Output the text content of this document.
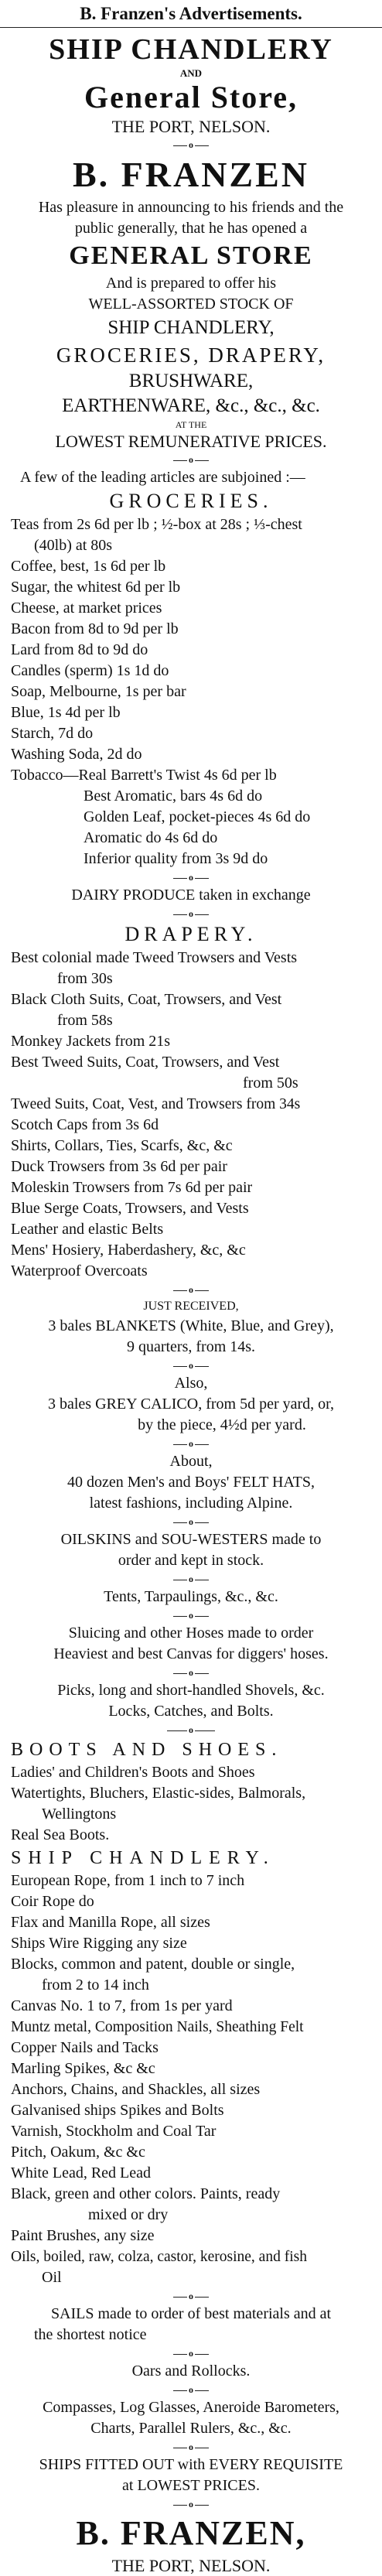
B. Franzen's Advertisements.

SHIP CHANDLERY

AND

General Store,

THE PORT, NELSON.

o

B. FRANZEN

Has pleasure in announcing to his friends and the

public generally, that he has opened a

GENERAL STORE

And is prepared to offer his

WELL-ASSORTED STOCK OF

SHIP CHANDLERY,

GROCERIES, DRAPERY,

BRUSHWARE,

EARTHENWARE, &c., &c., &c.

AT THE

LOWEST REMUNERATIVE PRICES.

o

A few of the leading articles are subjoined :—

GROCERIES.

Teas from 2s 6d per lb ; ½-box at 28s ; ⅓-chest

(40lb) at 80s

Coffee, best, 1s 6d per lb

Sugar, the whitest 6d per lb

Cheese, at market prices

Bacon from 8d to 9d per lb

Lard from 8d to 9d do

Candles (sperm) 1s 1d do

Soap, Melbourne, 1s per bar

Blue, 1s 4d per lb

Starch, 7d do

Washing Soda, 2d do

Tobacco—Real Barrett's Twist 4s 6d per lb

Best Aromatic, bars 4s 6d do

Golden Leaf, pocket-pieces 4s 6d do

Aromatic do 4s 6d do

Inferior quality from 3s 9d do

o

DAIRY PRODUCE taken in exchange

o

DRAPERY.

Best colonial made Tweed Trowsers and Vests

from 30s

Black Cloth Suits, Coat, Trowsers, and Vest

from 58s

Monkey Jackets from 21s

Best Tweed Suits, Coat, Trowsers, and Vest

from 50s

Tweed Suits, Coat, Vest, and Trowsers from 34s

Scotch Caps from 3s 6d

Shirts, Collars, Ties, Scarfs, &c, &c

Duck Trowsers from 3s 6d per pair

Moleskin Trowsers from 7s 6d per pair

Blue Serge Coats, Trowsers, and Vests

Leather and elastic Belts

Mens' Hosiery, Haberdashery, &c, &c

Waterproof Overcoats

o

JUST RECEIVED,

3 bales BLANKETS (White, Blue, and Grey),

9 quarters, from 14s.

o

Also,

3 bales GREY CALICO, from 5d per yard, or,

by the piece, 4½d per yard.

o

About,

40 dozen Men's and Boys' FELT HATS,

latest fashions, including Alpine.

o

OILSKINS and SOU-WESTERS made to

order and kept in stock.

o

Tents, Tarpaulings, &c., &c.

o

Sluicing and other Hoses made to order

Heaviest and best Canvas for diggers' hoses.

o

Picks, long and short-handled Shovels, &c.

Locks, Catches, and Bolts.

o

BOOTS AND SHOES.

Ladies' and Children's Boots and Shoes

Watertights, Bluchers, Elastic-sides, Balmorals,

Wellingtons

Real Sea Boots.

SHIP CHANDLERY.

European Rope, from 1 inch to 7 inch

Coir Rope do

Flax and Manilla Rope, all sizes

Ships Wire Rigging any size

Blocks, common and patent, double or single,

from 2 to 14 inch

Canvas No. 1 to 7, from 1s per yard

Muntz metal, Composition Nails, Sheathing Felt

Copper Nails and Tacks

Marling Spikes, &c &c

Anchors, Chains, and Shackles, all sizes

Galvanised ships Spikes and Bolts

Varnish, Stockholm and Coal Tar

Pitch, Oakum, &c &c

White Lead, Red Lead

Black, green and other colors. Paints, ready

mixed or dry

Paint Brushes, any size

Oils, boiled, raw, colza, castor, kerosine, and fish

Oil

o

SAILS made to order of best materials and at

the shortest notice

o

Oars and Rollocks.

o

Compasses, Log Glasses, Aneroide Barometers,

Charts, Parallel Rulers, &c., &c.

o

SHIPS FITTED OUT with EVERY REQUISITE

at LOWEST PRICES.

o

B. FRANZEN,

THE PORT, NELSON.
